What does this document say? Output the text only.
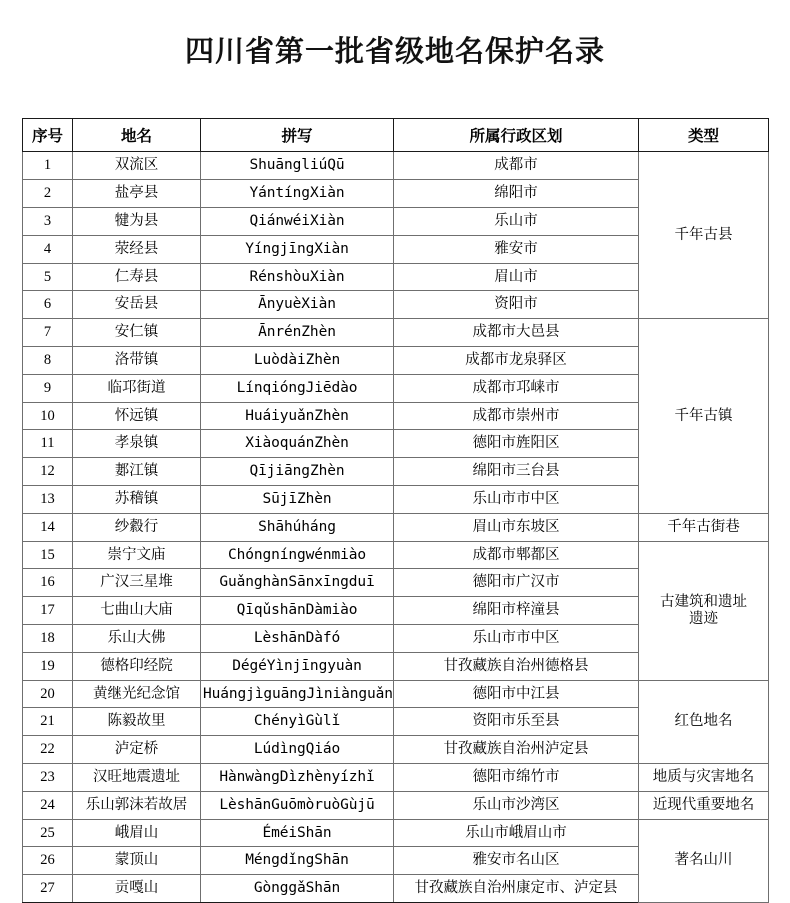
四川省第一批省级地名保护名录
序号	地名	拼写	所属行政区划	类型
1	双流区	ShuāngliúQū	成都市	千年古县
2	盐亭县	YántíngXiàn	绵阳市	
3	犍为县	QiánwéiXiàn	乐山市	
4	荥经县	YíngjīngXiàn	雅安市	
5	仁寿县	RénshòuXiàn	眉山市	
6	安岳县	ĀnyuèXiàn	资阳市	
7	安仁镇	ĀnrénZhèn	成都市大邑县	千年古镇
8	洛带镇	LuòdàiZhèn	成都市龙泉驿区	
9	临邛街道	LínqióngJiēdào	成都市邛崃市	
10	怀远镇	HuáiyuǎnZhèn	成都市崇州市	
11	孝泉镇	XiàoquánZhèn	德阳市旌阳区	
12	郪江镇	QījiāngZhèn	绵阳市三台县	
13	苏稽镇	SūjīZhèn	乐山市市中区	
14	纱縠行	Shāhúháng	眉山市东坡区	千年古街巷
15	崇宁文庙	Chóngníngwénmiào	成都市郫都区	古建筑和遗址
遗迹
16	广汉三星堆	GuǎnghànSānxīngduī	德阳市广汉市	
17	七曲山大庙	QīqǔshānDàmiào	绵阳市梓潼县	
18	乐山大佛	LèshānDàfó	乐山市市中区	
19	德格印经院	DégéYìnjīngyuàn	甘孜藏族自治州德格县	
20	黄继光纪念馆	HuángjìguāngJìniànguǎn	德阳市中江县	红色地名
21	陈毅故里	ChényìGùlǐ	资阳市乐至县	
22	泸定桥	LúdìngQiáo	甘孜藏族自治州泸定县	
23	汉旺地震遗址	HànwàngDìzhènyízhǐ	德阳市绵竹市	地质与灾害地名
24	乐山郭沫若故居	LèshānGuōmòruòGùjū	乐山市沙湾区	近现代重要地名
25	峨眉山	ÉméiShān	乐山市峨眉山市	著名山川
26	蒙顶山	MéngdǐngShān	雅安市名山区	
27	贡嘎山	GònggǎShān	甘孜藏族自治州康定市、泸定县	
